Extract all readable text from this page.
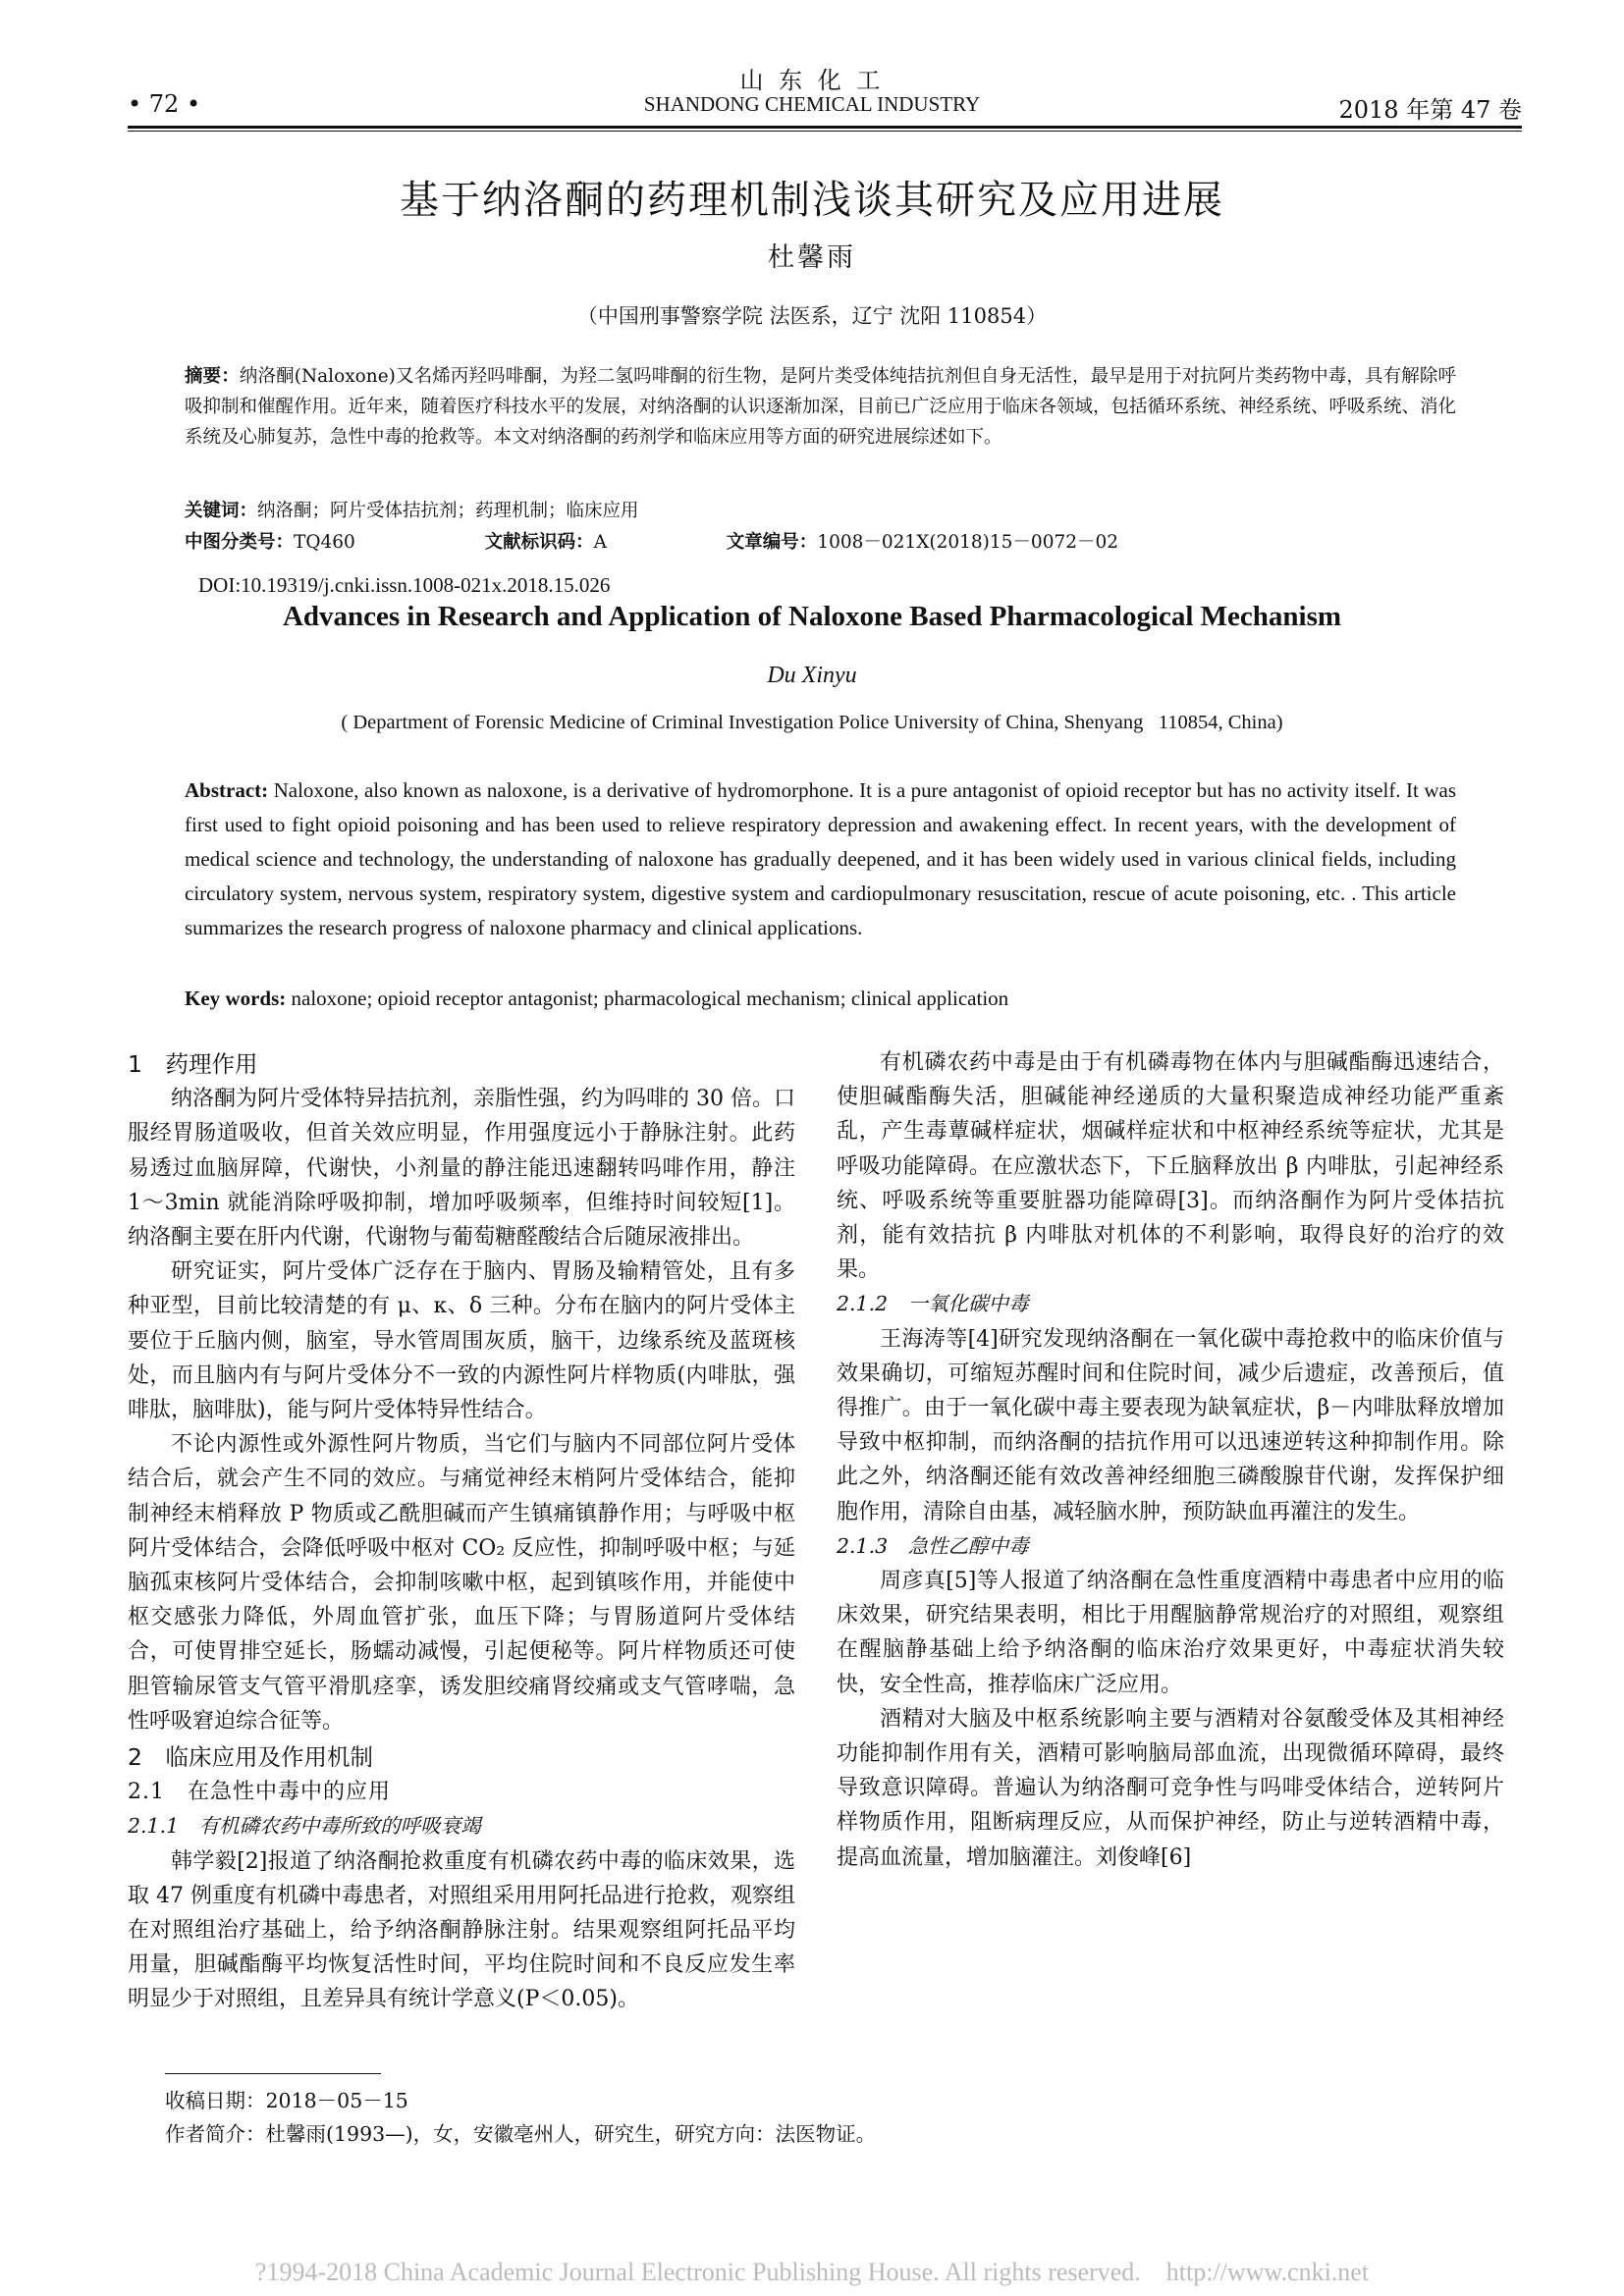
• 72 •
山 东 化 工
SHANDONG CHEMICAL INDUSTRY	2018 年第 47 卷
基于纳洛酮的药理机制浅谈其研究及应用进展
杜馨雨
（中国刑事警察学院 法医系，辽宁 沈阳 110854）
摘要：纳洛酮(Naloxone)又名烯丙羟吗啡酮，为羟二氢吗啡酮的衍生物，是阿片类受体纯拮抗剂但自身无活性，最早是用于对抗阿片类药物中毒，具有解除呼吸抑制和催醒作用。近年来，随着医疗科技水平的发展，对纳洛酮的认识逐渐加深，目前已广泛应用于临床各领域，包括循环系统、神经系统、呼吸系统、消化系统及心肺复苏，急性中毒的抢救等。本文对纳洛酮的药剂学和临床应用等方面的研究进展综述如下。
关键词：纳洛酮；阿片受体拮抗剂；药理机制；临床应用
中图分类号：TQ460	文献标识码：A	文章编号：1008－021X(2018)15－0072－02
DOI:10.19319/j.cnki.issn.1008-021x.2018.15.026
Advances in Research and Application of Naloxone Based Pharmacological Mechanism
Du Xinyu
( Department of Forensic Medicine of Criminal Investigation Police University of China, Shenyang   110854, China)
Abstract: Naloxone, also known as naloxone, is a derivative of hydromorphone. It is a pure antagonist of opioid receptor but has no activity itself. It was first used to fight opioid poisoning and has been used to relieve respiratory depression and awakening effect. In recent years, with the development of medical science and technology, the understanding of naloxone has gradually deepened, and it has been widely used in various clinical fields, including circulatory system, nervous system, respiratory system, digestive system and cardiopulmonary resuscitation, rescue of acute poisoning, etc. . This article summarizes the research progress of naloxone pharmacy and clinical applications.
Key words: naloxone; opioid receptor antagonist; pharmacological mechanism; clinical application
1　药理作用

纳洛酮为阿片受体特异拮抗剂，亲脂性强，约为吗啡的 30 倍。口服经胃肠道吸收，但首关效应明显，作用强度远小于静脉注射。此药易透过血脑屏障，代谢快，小剂量的静注能迅速翻转吗啡作用，静注 1～3min 就能消除呼吸抑制，增加呼吸频率，但维持时间较短[1]。纳洛酮主要在肝内代谢，代谢物与葡萄糖醛酸结合后随尿液排出。

研究证实，阿片受体广泛存在于脑内、胃肠及输精管处，且有多种亚型，目前比较清楚的有 μ、κ、δ 三种。分布在脑内的阿片受体主要位于丘脑内侧，脑室，导水管周围灰质，脑干，边缘系统及蓝斑核处，而且脑内有与阿片受体分不一致的内源性阿片样物质(内啡肽，强啡肽，脑啡肽)，能与阿片受体特异性结合。

不论内源性或外源性阿片物质，当它们与脑内不同部位阿片受体结合后，就会产生不同的效应。与痛觉神经末梢阿片受体结合，能抑制神经末梢释放 P 物质或乙酰胆碱而产生镇痛镇静作用；与呼吸中枢阿片受体结合，会降低呼吸中枢对 CO₂ 反应性，抑制呼吸中枢；与延脑孤束核阿片受体结合，会抑制咳嗽中枢，起到镇咳作用，并能使中枢交感张力降低，外周血管扩张，血压下降；与胃肠道阿片受体结合，可使胃排空延长，肠蠕动减慢，引起便秘等。阿片样物质还可使胆管输尿管支气管平滑肌痉挛，诱发胆绞痛肾绞痛或支气管哮喘，急性呼吸窘迫综合征等。

2　临床应用及作用机制
2.1　在急性中毒中的应用
2.1.1　有机磷农药中毒所致的呼吸衰竭

韩学毅[2]报道了纳洛酮抢救重度有机磷农药中毒的临床效果，选取 47 例重度有机磷中毒患者，对照组采用用阿托品进行抢救，观察组在对照组治疗基础上，给予纳洛酮静脉注射。结果观察组阿托品平均用量，胆碱酯酶平均恢复活性时间，平均住院时间和不良反应发生率明显少于对照组，且差异具有统计学意义(P＜0.05)。

有机磷农药中毒是由于有机磷毒物在体内与胆碱酯酶迅速结合，使胆碱酯酶失活，胆碱能神经递质的大量积聚造成神经功能严重紊乱，产生毒蕈碱样症状，烟碱样症状和中枢神经系统等症状，尤其是呼吸功能障碍。在应激状态下，下丘脑释放出 β 内啡肽，引起神经系统、呼吸系统等重要脏器功能障碍[3]。而纳洛酮作为阿片受体拮抗剂，能有效拮抗 β 内啡肽对机体的不利影响，取得良好的治疗的效果。

2.1.2　一氧化碳中毒

王海涛等[4]研究发现纳洛酮在一氧化碳中毒抢救中的临床价值与效果确切，可缩短苏醒时间和住院时间，减少后遗症，改善预后，值得推广。由于一氧化碳中毒主要表现为缺氧症状，β－内啡肽释放增加导致中枢抑制，而纳洛酮的拮抗作用可以迅速逆转这种抑制作用。除此之外，纳洛酮还能有效改善神经细胞三磷酸腺苷代谢，发挥保护细胞作用，清除自由基，减轻脑水肿，预防缺血再灌注的发生。

2.1.3　急性乙醇中毒

周彦真[5]等人报道了纳洛酮在急性重度酒精中毒患者中应用的临床效果，研究结果表明，相比于用醒脑静常规治疗的对照组，观察组在醒脑静基础上给予纳洛酮的临床治疗效果更好，中毒症状消失较快，安全性高，推荐临床广泛应用。

酒精对大脑及中枢系统影响主要与酒精对谷氨酸受体及其相神经功能抑制作用有关，酒精可影响脑局部血流，出现微循环障碍，最终导致意识障碍。普遍认为纳洛酮可竞争性与吗啡受体结合，逆转阿片样物质作用，阻断病理反应，从而保护神经，防止与逆转酒精中毒，提高血流量，增加脑灌注。刘俊峰[6]

收稿日期：2018－05－15
作者简介：杜馨雨(1993—)，女，安徽亳州人，研究生，研究方向：法医物证。
?1994-2018 China Academic Journal Electronic Publishing House. All rights reserved.    http://www.cnki.net
